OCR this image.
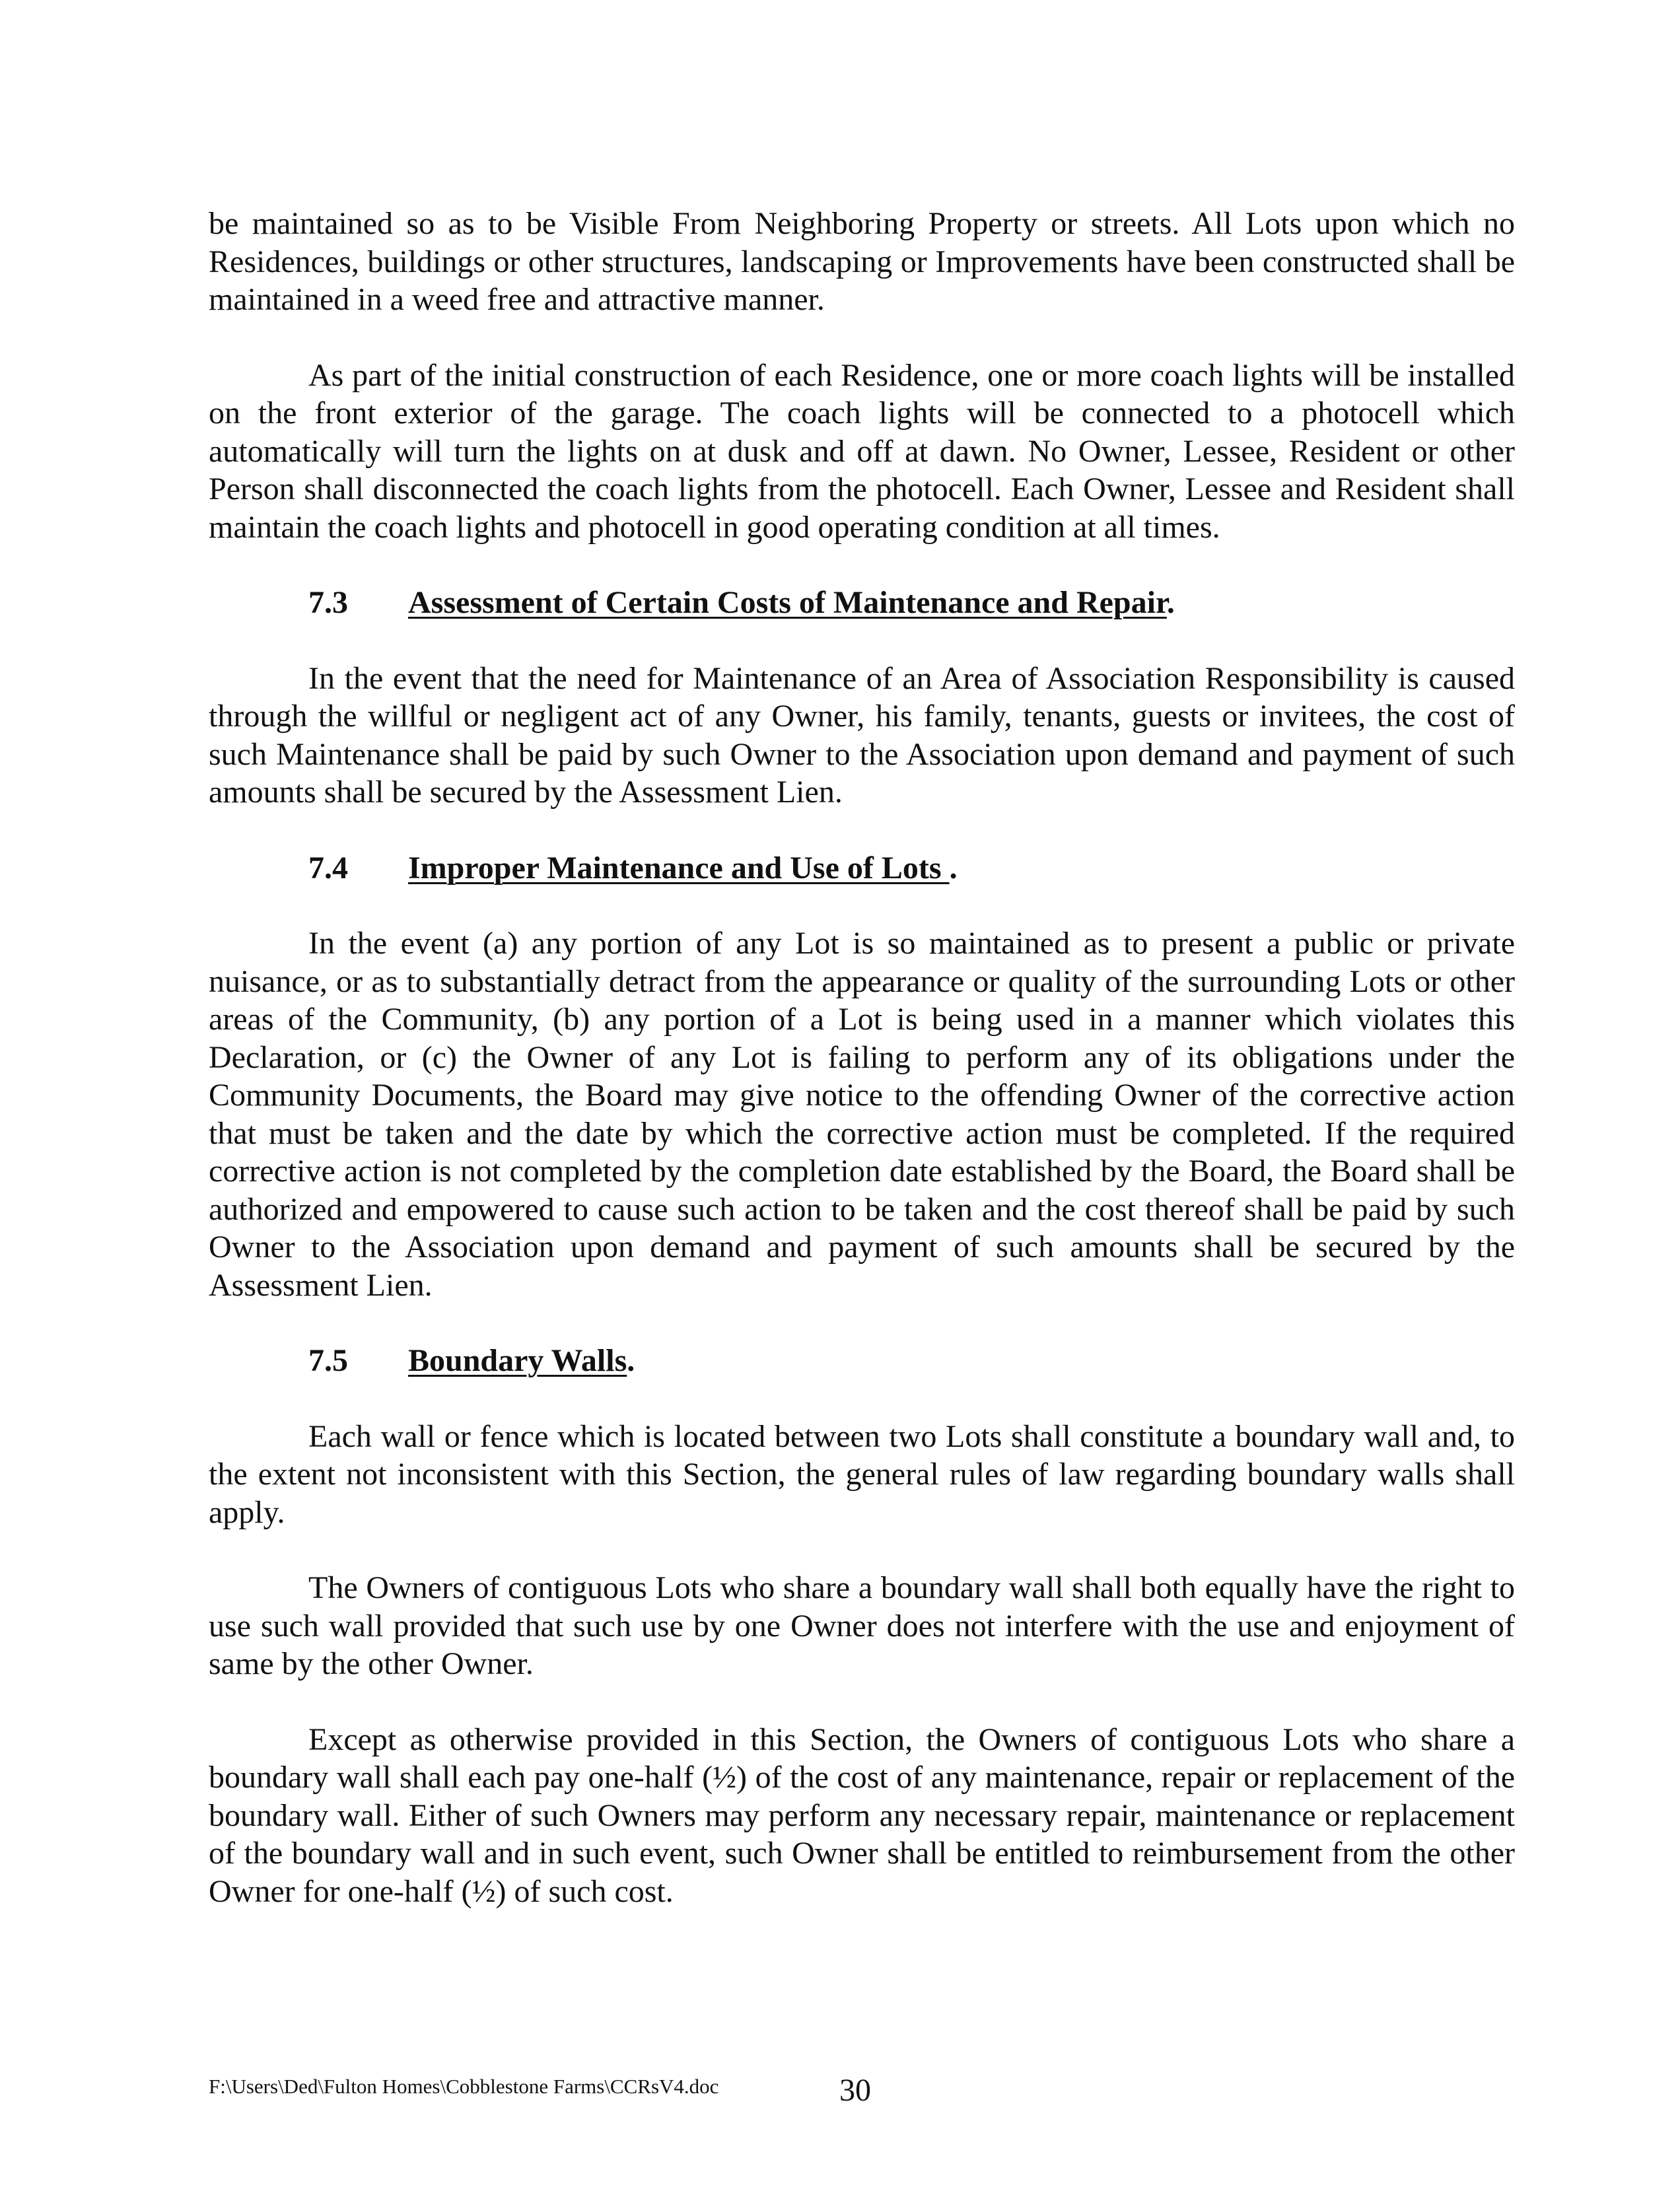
be maintained so as to be Visible From Neighboring Property or streets. All Lots upon which no Residences, buildings or other structures, landscaping or Improvements have been constructed shall be maintained in a weed free and attractive manner.

As part of the initial construction of each Residence, one or more coach lights will be installed on the front exterior of the garage. The coach lights will be connected to a photocell which automatically will turn the lights on at dusk and off at dawn. No Owner, Lessee, Resident or other Person shall disconnected the coach lights from the photocell. Each Owner, Lessee and Resident shall maintain the coach lights and photocell in good operating condition at all times.

7.3	Assessment of Certain Costs of Maintenance and Repair.

In the event that the need for Maintenance of an Area of Association Responsibility is caused through the willful or negligent act of any Owner, his family, tenants, guests or invitees, the cost of such Maintenance shall be paid by such Owner to the Association upon demand and payment of such amounts shall be secured by the Assessment Lien.

7.4	Improper Maintenance and Use of Lots .

In the event (a) any portion of any Lot is so maintained as to present a public or private nuisance, or as to substantially detract from the appearance or quality of the surrounding Lots or other areas of the Community, (b) any portion of a Lot is being used in a manner which violates this Declaration, or (c) the Owner of any Lot is failing to perform any of its obligations under the Community Documents, the Board may give notice to the offending Owner of the corrective action that must be taken and the date by which the corrective action must be completed. If the required corrective action is not completed by the completion date established by the Board, the Board shall be authorized and empowered to cause such action to be taken and the cost thereof shall be paid by such Owner to the Association upon demand and payment of such amounts shall be secured by the Assessment Lien.

7.5	Boundary Walls.

Each wall or fence which is located between two Lots shall constitute a boundary wall and, to the extent not inconsistent with this Section, the general rules of law regarding boundary walls shall apply.

The Owners of contiguous Lots who share a boundary wall shall both equally have the right to use such wall provided that such use by one Owner does not interfere with the use and enjoyment of same by the other Owner.

Except as otherwise provided in this Section, the Owners of contiguous Lots who share a boundary wall shall each pay one-half (½) of the cost of any maintenance, repair or replacement of the boundary wall. Either of such Owners may perform any necessary repair, maintenance or replacement of the boundary wall and in such event, such Owner shall be entitled to reimbursement from the other Owner for one-half (½) of such cost.

F:\Users\Ded\Fulton Homes\Cobblestone Farms\CCRsV4.doc	30
